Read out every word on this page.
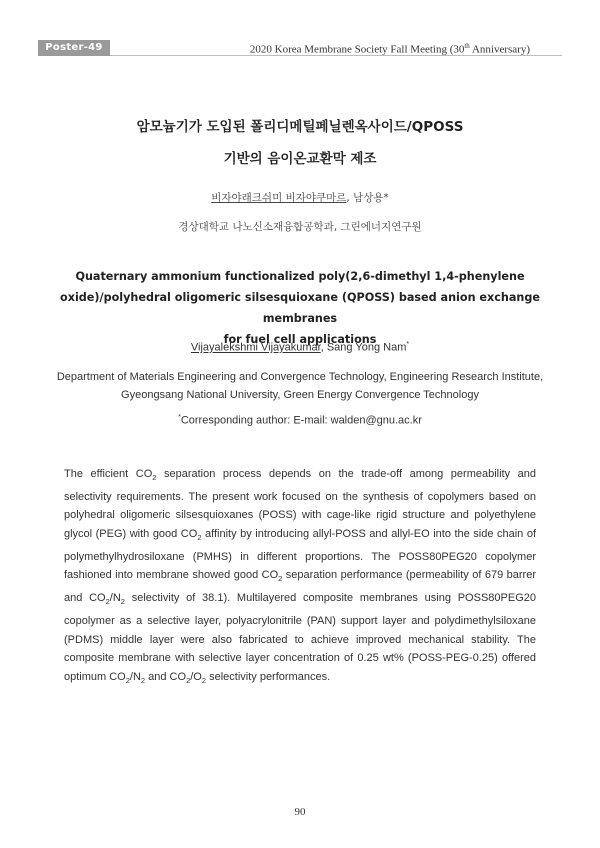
Poster-49	2020 Korea Membrane Society Fall Meeting (30th Anniversary)
암모늄기가 도입된 폴리디메틸페닐렌옥사이드/QPOSS
기반의 음이온교환막 제조
비자야래크쉬미 비자야쿠마르, 남상용*
경상대학교 나노신소재융합공학과, 그린에너지연구원
Quaternary ammonium functionalized poly(2,6-dimethyl 1,4-phenylene
oxide)/polyhedral oligomeric silsesquioxane (QPOSS) based anion exchange membranes
for fuel cell applications
Vijayalekshmi Vijayakumar, Sang Yong Nam*
Department of Materials Engineering and Convergence Technology, Engineering Research Institute,
Gyeongsang National University, Green Energy Convergence Technology
*Corresponding author: E-mail: walden@gnu.ac.kr
The efficient $CO_2$ separation process depends on the trade-off among permeability and selectivity requirements. The present work focused on the synthesis of copolymers based on polyhedral oligomeric silsesquioxanes (POSS) with cage-like rigid structure and polyethylene glycol (PEG) with good $CO_2$ affinity by introducing allyl-POSS and allyl-EO into the side chain of polymethylhydrosiloxane (PMHS) in different proportions. The POSS80PEG20 copolymer fashioned into membrane showed good $CO_2$ separation performance (permeability of 679 barrer and $CO_2/N_2$ selectivity of 38.1). Multilayered composite membranes using POSS80PEG20 copolymer as a selective layer, polyacrylonitrile (PAN) support layer and polydimethylsiloxane (PDMS) middle layer were also fabricated to achieve improved mechanical stability. The composite membrane with selective layer concentration of 0.25 wt% (POSS-PEG-0.25) offered optimum $CO_2/N_2$ and $CO_2/O_2$ selectivity performances.
90
